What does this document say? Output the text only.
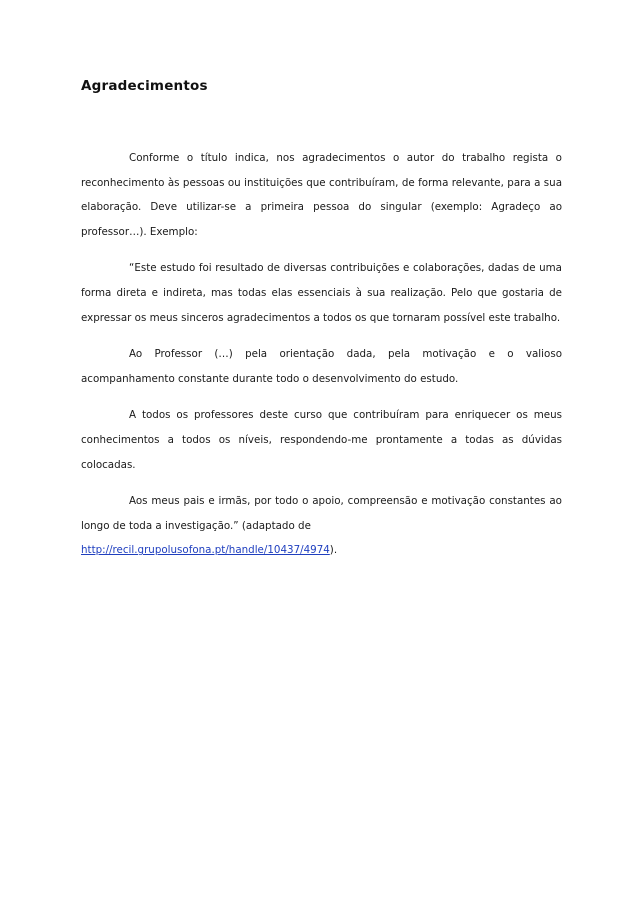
Agradecimentos

Conforme o título indica, nos agradecimentos o autor do trabalho regista o reconhecimento às pessoas ou instituições que contribuíram, de forma relevante, para a sua elaboração. Deve utilizar-se a primeira pessoa do singular (exemplo: Agradeço ao professor…). Exemplo:

“Este estudo foi resultado de diversas contribuições e colaborações, dadas de uma forma direta e indireta, mas todas elas essenciais à sua realização. Pelo que gostaria de expressar os meus sinceros agradecimentos a todos os que tornaram possível este trabalho.

Ao Professor (…) pela orientação dada, pela motivação e o valioso acompanhamento constante durante todo o desenvolvimento do estudo.

A todos os professores deste curso que contribuíram para enriquecer os meus conhecimentos a todos os níveis, respondendo-me prontamente a todas as dúvidas colocadas.

Aos meus pais e irmãs, por todo o apoio, compreensão e motivação constantes ao longo de toda a investigação.” (adaptado de
http://recil.grupolusofona.pt/handle/10437/4974).
